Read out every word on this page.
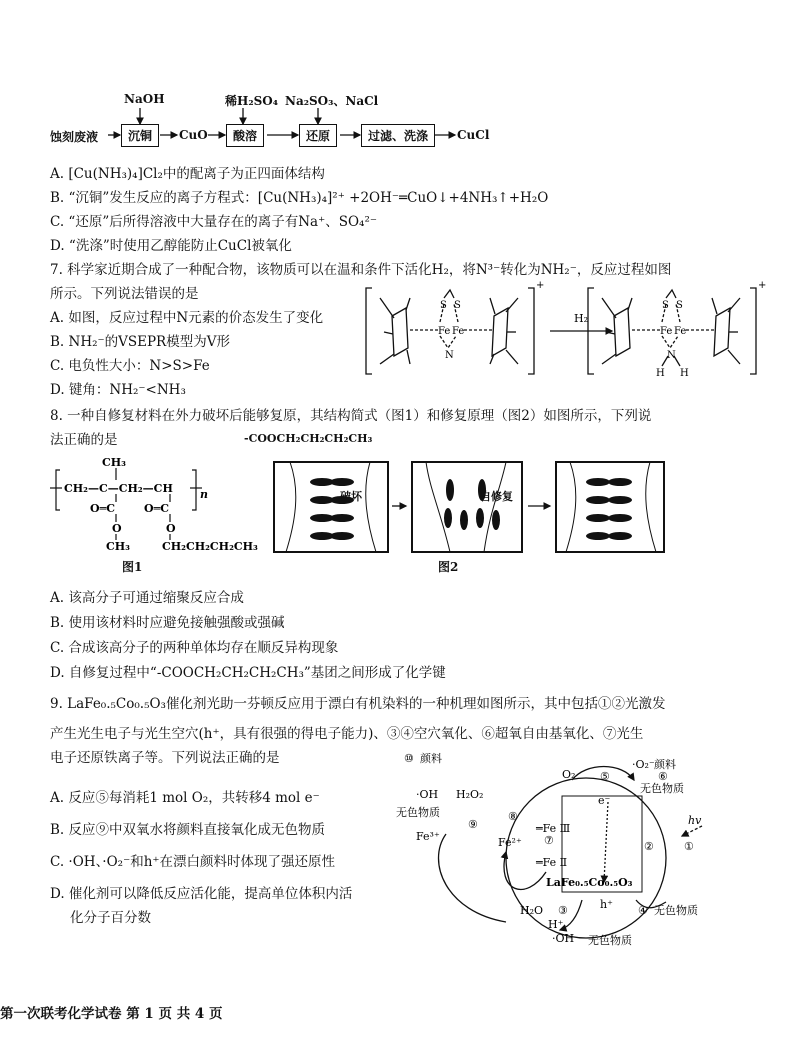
NaOH	稀H₂SO₄ Na₂SO₃、NaCl
蚀刻废液	沉铜	CuO	酸溶	还原	过滤、洗涤	CuCl
A. [Cu(NH₃)₄]Cl₂中的配离子为正四面体结构
B. “沉铜”发生反应的离子方程式：[Cu(NH₃)₄]²⁺ +2OH⁻═CuO↓+4NH₃↑+H₂O
C. “还原”后所得溶液中大量存在的离子有Na⁺、SO₄²⁻
D. “洗涤”时使用乙醇能防止CuCl被氧化
7. 科学家近期合成了一种配合物，该物质可以在温和条件下活化H₂，将N³⁻转化为NH₂⁻，反应过程如图
所示。下列说法错误的是
A. 如图，反应过程中N元素的价态发生了变化
B. NH₂⁻的VSEPR模型为V形
C. 电负性大小：N>S>Fe
D. 键角：NH₂⁻<NH₃
Fe Fe
S S
N
+
H₂
Fe Fe
S S
N
H H
+
8. 一种自修复材料在外力破坏后能够复原，其结构简式（图1）和修复原理（图2）如图所示，下列说
法正确的是	-COOCH₂CH₂CH₂CH₃
CH₃
CH₂—C—CH₂—CH n
O═C	O═C
O	O
CH₃	CH₂CH₂CH₂CH₃
破坏	自修复
图1	图2
A. 该高分子可通过缩聚反应合成
B. 使用该材料时应避免接触强酸或强碱
C. 合成该高分子的两种单体均存在顺反异构现象
D. 自修复过程中“-COOCH₂CH₂CH₂CH₃”基团之间形成了化学键
9. LaFe₀.₅Co₀.₅O₃催化剂光助一芬顿反应用于漂白有机染料的一种机理如图所示，其中包括①②光激发
产生光生电子与光生空穴(h⁺，具有很强的得电子能力)、③④空穴氧化、⑥超氧自由基氧化、⑦光生
电子还原铁离子等。下列说法正确的是
A. 反应⑤每消耗1 mol O₂，共转移4 mol e⁻
B. 反应⑨中双氧水将颜料直接氧化成无色物质
C. ·OH、·O₂⁻和h⁺在漂白颜料时体现了强还原性
D. 催化剂可以降低反应活化能，提高单位体积内活
化分子百分数
⑩ 颜料
·OH H₂O₂
无色物质
⑨
⑧
Fe³⁺	Fe²⁺
═Fe Ⅲ
⑦
═Fe Ⅱ
LaFe₀.₅Co₀.₅O₃
O₂ ⑤
·O₂⁻ 颜料
⑥
无色物质
e⁻
hv
①
②
h⁺
H₂O ③	④ 无色物质
H⁺
·OH 无色物质
第一次联考化学试卷 第 1 页 共 4 页
